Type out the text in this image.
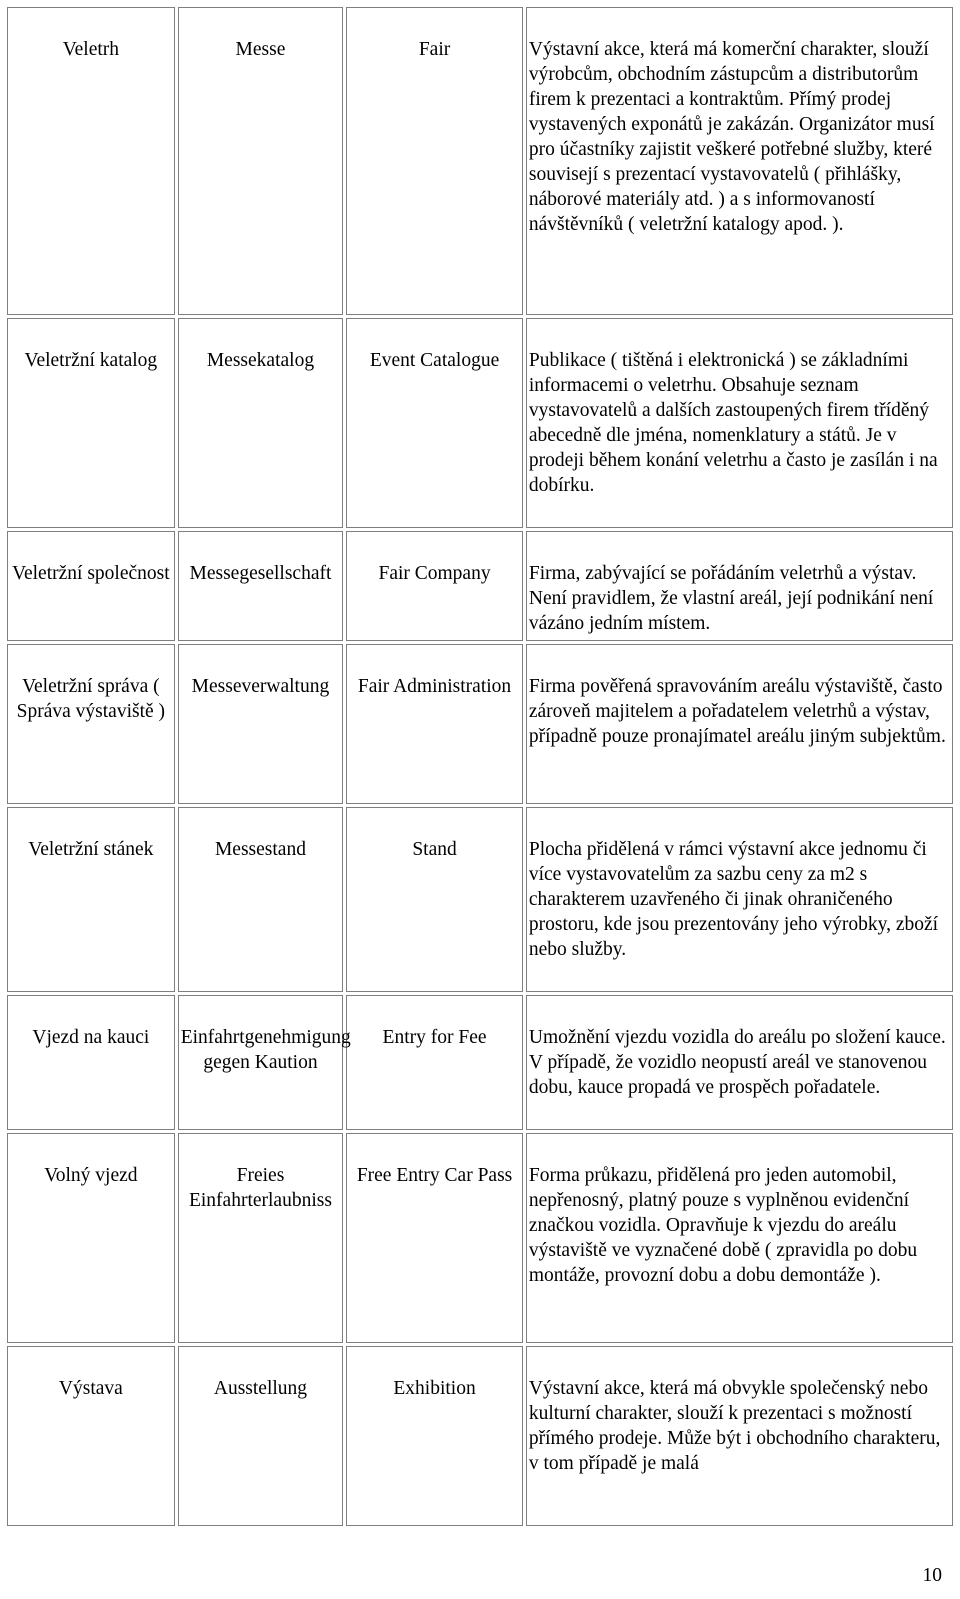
Veletrh	Messe	Fair	Výstavní akce, která má komerční charakter, slouží výrobcům, obchodním zástupcům a distributorům firem k prezentaci a kontraktům. Přímý prodej vystavených exponátů je zakázán. Organizátor musí pro účastníky zajistit veškeré potřebné služby, které souvisejí s prezentací vystavovatelů ( přihlášky, náborové materiály atd. ) a s informovaností návštěvníků ( veletržní katalogy apod. ).
Veletržní katalog	Messekatalog	Event Catalogue	Publikace ( tištěná i elektronická ) se základními informacemi o veletrhu. Obsahuje seznam vystavovatelů a dalších zastoupených firem tříděný abecedně dle jména, nomenklatury a států. Je v prodeji během konání veletrhu a často je zasílán i na dobírku.
Veletržní společnost	Messegesellschaft	Fair Company	Firma, zabývající se pořádáním veletrhů a výstav. Není pravidlem, že vlastní areál, její podnikání není vázáno jedním místem.
Veletržní správa ( Správa výstaviště )	Messeverwaltung	Fair Administration	Firma pověřená spravováním areálu výstaviště, často zároveň majitelem a pořadatelem veletrhů a výstav, případně pouze pronajímatel areálu jiným subjektům.
Veletržní stánek	Messestand	Stand	Plocha přidělená v rámci výstavní akce jednomu či více vystavovatelům za sazbu ceny za m2 s charakterem uzavřeného či jinak ohraničeného prostoru, kde jsou prezentovány jeho výrobky, zboží nebo služby.
Vjezd na kauci	Einfahrtgenehmigung gegen Kaution	Entry for Fee	Umožnění vjezdu vozidla do areálu po složení kauce. V případě, že vozidlo neopustí areál ve stanovenou dobu, kauce propadá ve prospěch pořadatele.
Volný vjezd	Freies Einfahrterlaubniss	Free Entry Car Pass	Forma průkazu, přidělená pro jeden automobil, nepřenosný, platný pouze s vyplněnou evidenční značkou vozidla. Opravňuje k vjezdu do areálu výstaviště ve vyznačené době ( zpravidla po dobu montáže, provozní dobu a dobu demontáže ).
Výstava	Ausstellung	Exhibition	Výstavní akce, která má obvykle společenský nebo kulturní charakter, slouží k prezentaci s možností přímého prodeje. Může být i obchodního charakteru, v tom případě je malá
10
